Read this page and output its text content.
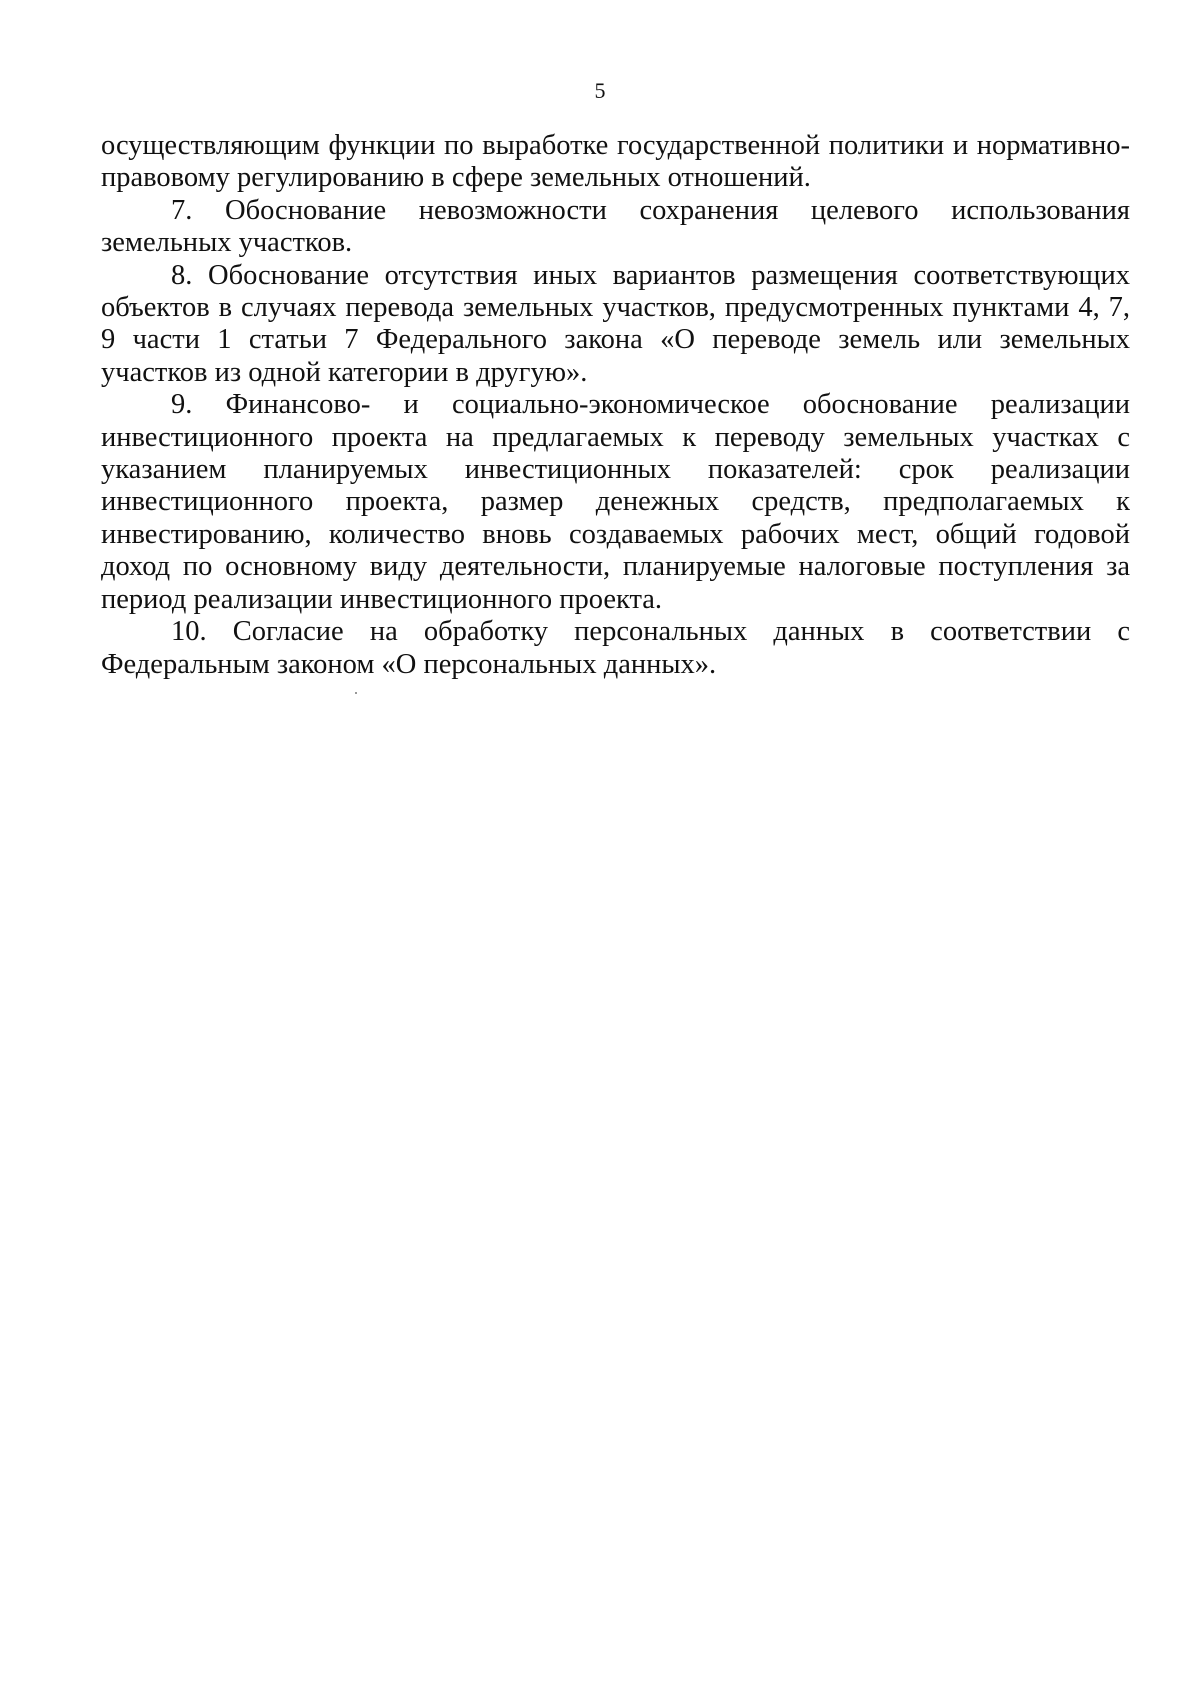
5

осуществляющим функции по выработке государственной политики и нормативно-правовому регулированию в сфере земельных отношений.

7. Обоснование невозможности сохранения целевого использования земельных участков.

8. Обоснование отсутствия иных вариантов размещения соответствующих объектов в случаях перевода земельных участков, предусмотренных пунктами 4, 7, 9 части 1 статьи 7 Федерального закона «О переводе земель или земельных участков из одной категории в другую».

9. Финансово- и социально-экономическое обоснование реализации инвестиционного проекта на предлагаемых к переводу земельных участках с указанием планируемых инвестиционных показателей: срок реализации инвестиционного проекта, размер денежных средств, предполагаемых к инвестированию, количество вновь создаваемых рабочих мест, общий годовой доход по основному виду деятельности, планируемые налоговые поступления за период реализации инвестиционного проекта.

10. Согласие на обработку персональных данных в соответствии с Федеральным законом «О персональных данных».
